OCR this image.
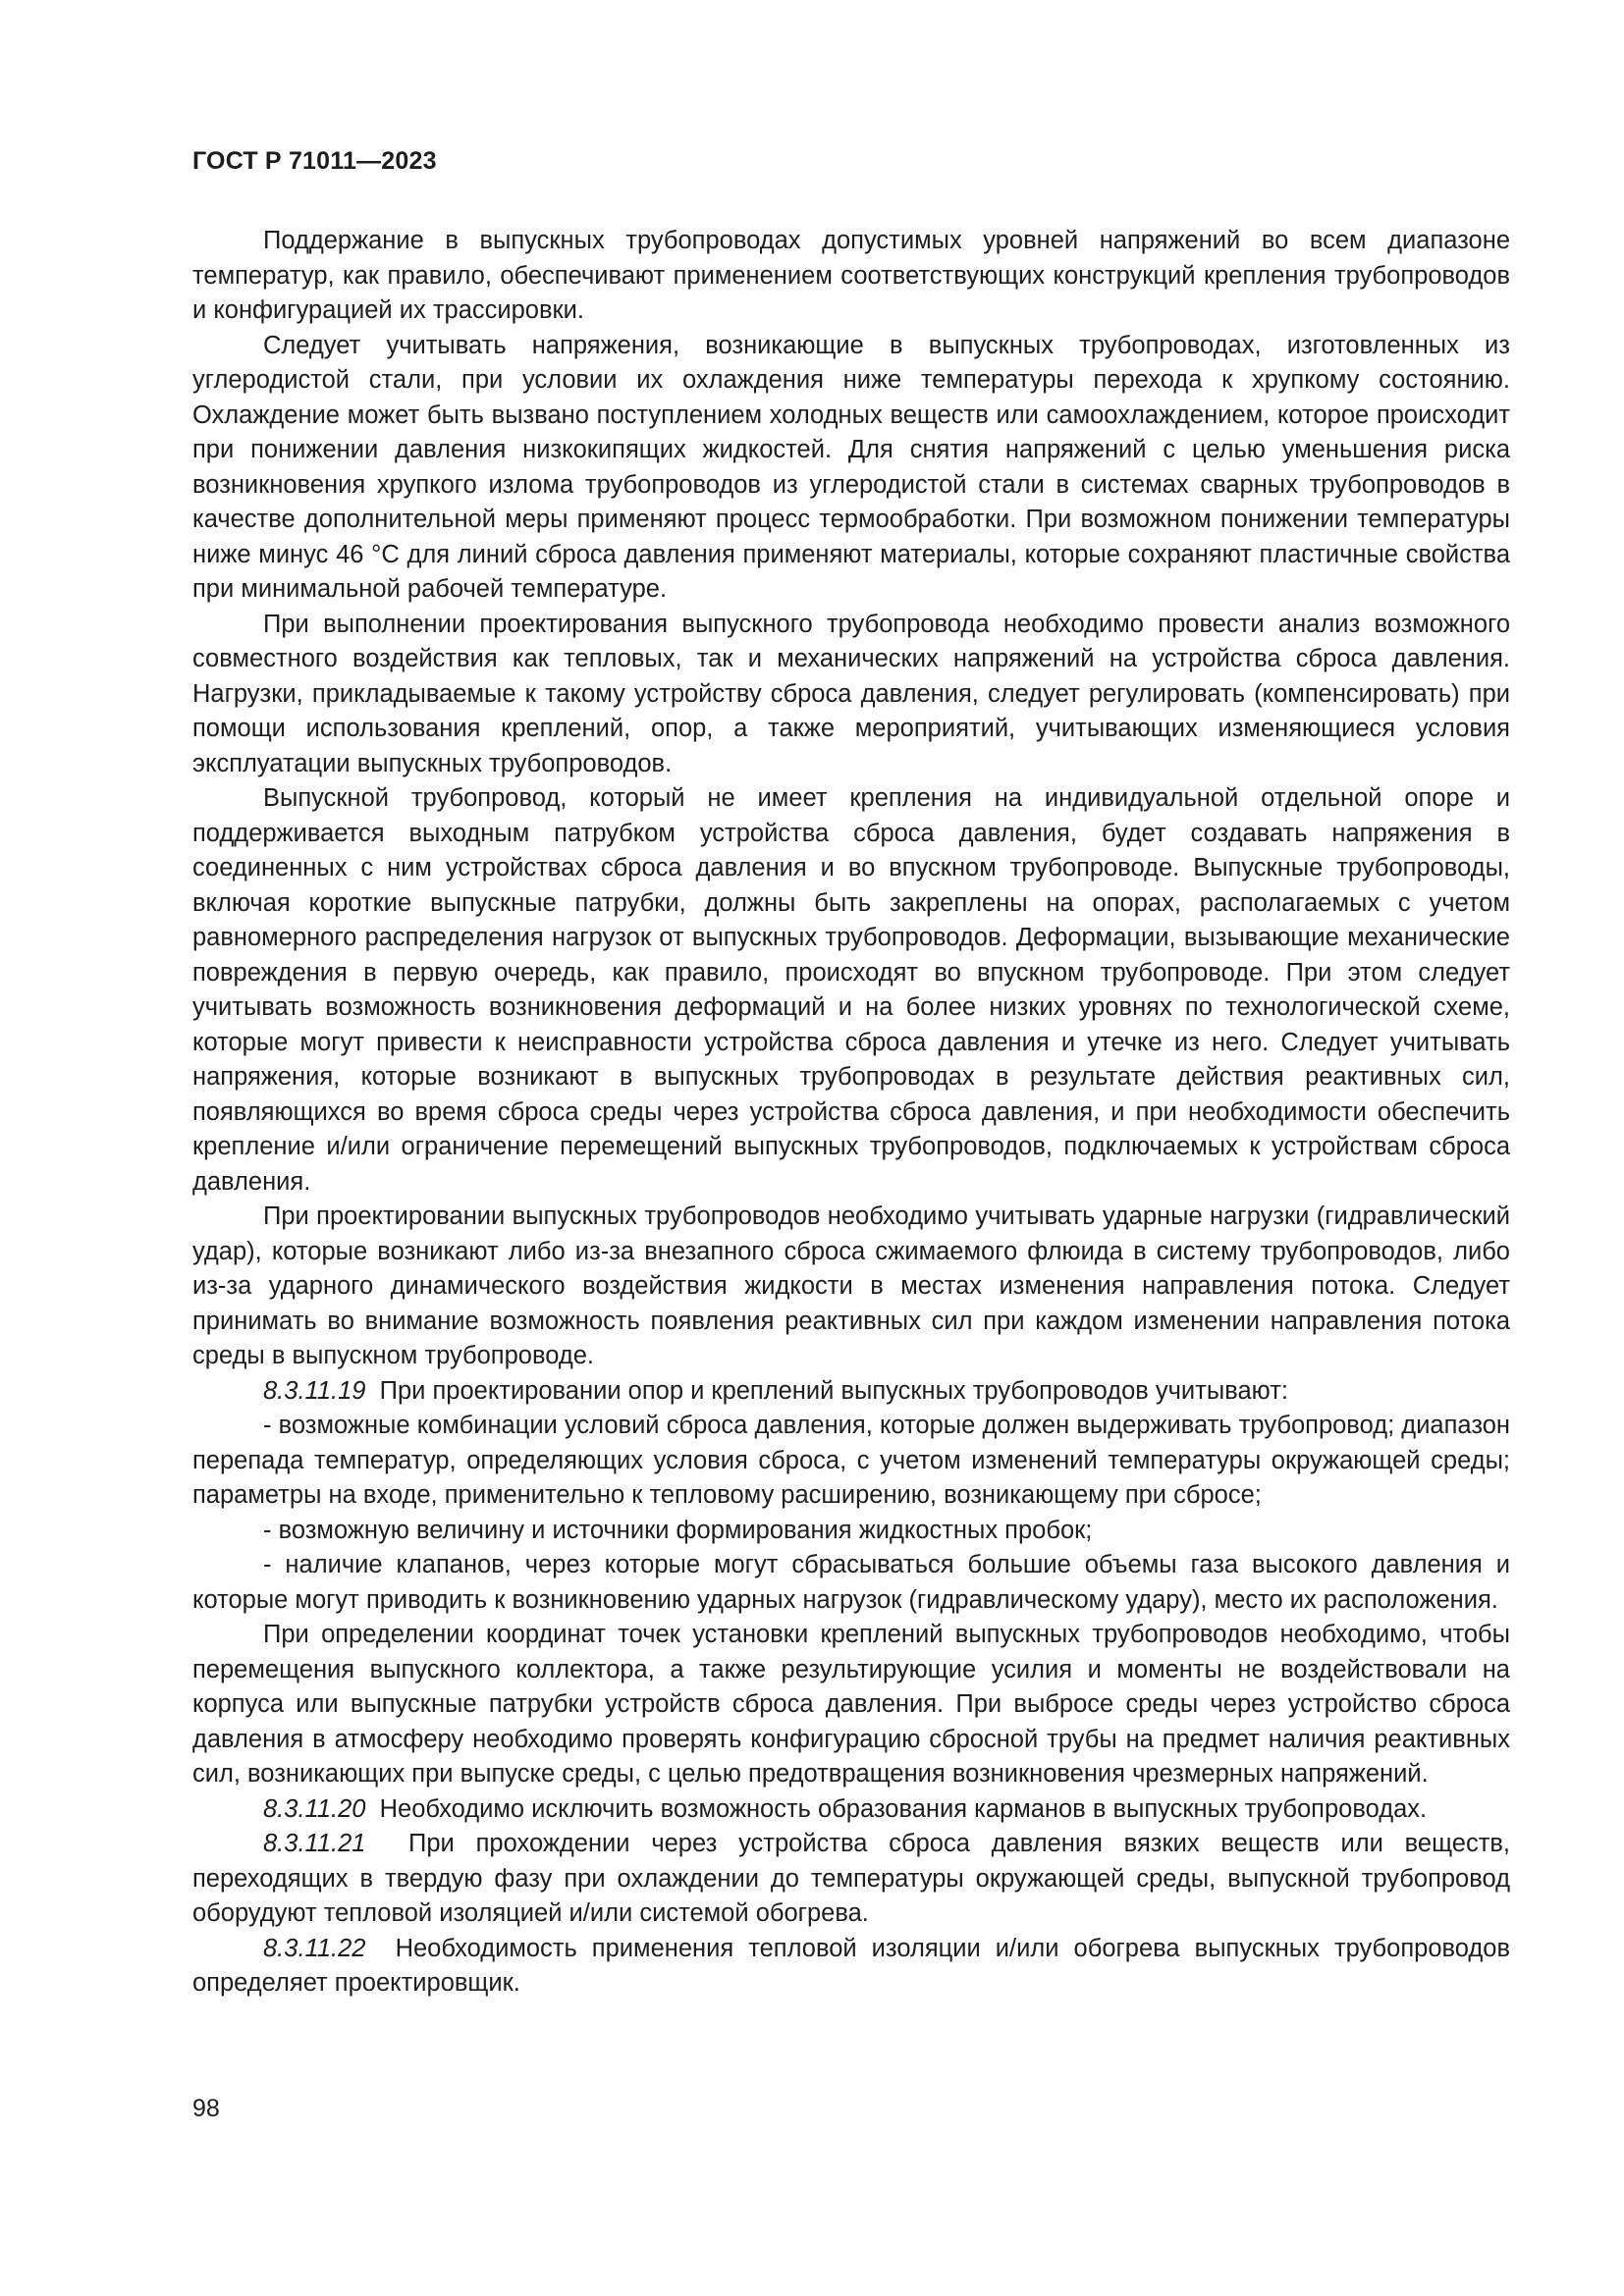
ГОСТ Р 71011—2023

Поддержание в выпускных трубопроводах допустимых уровней напряжений во всем диапазоне температур, как правило, обеспечивают применением соответствующих конструкций крепления трубопроводов и конфигурацией их трассировки.

Следует учитывать напряжения, возникающие в выпускных трубопроводах, изготовленных из углеродистой стали, при условии их охлаждения ниже температуры перехода к хрупкому состоянию. Охлаждение может быть вызвано поступлением холодных веществ или самоохлаждением, которое происходит при понижении давления низкокипящих жидкостей. Для снятия напряжений с целью уменьшения риска возникновения хрупкого излома трубопроводов из углеродистой стали в системах сварных трубопроводов в качестве дополнительной меры применяют процесс термообработки. При возможном понижении температуры ниже минус 46 °С для линий сброса давления применяют материалы, которые сохраняют пластичные свойства при минимальной рабочей температуре.

При выполнении проектирования выпускного трубопровода необходимо провести анализ возможного совместного воздействия как тепловых, так и механических напряжений на устройства сброса давления. Нагрузки, прикладываемые к такому устройству сброса давления, следует регулировать (компенсировать) при помощи использования креплений, опор, а также мероприятий, учитывающих изменяющиеся условия эксплуатации выпускных трубопроводов.

Выпускной трубопровод, который не имеет крепления на индивидуальной отдельной опоре и поддерживается выходным патрубком устройства сброса давления, будет создавать напряжения в соединенных с ним устройствах сброса давления и во впускном трубопроводе. Выпускные трубопроводы, включая короткие выпускные патрубки, должны быть закреплены на опорах, располагаемых с учетом равномерного распределения нагрузок от выпускных трубопроводов. Деформации, вызывающие механические повреждения в первую очередь, как правило, происходят во впускном трубопроводе. При этом следует учитывать возможность возникновения деформаций и на более низких уровнях по технологической схеме, которые могут привести к неисправности устройства сброса давления и утечке из него. Следует учитывать напряжения, которые возникают в выпускных трубопроводах в результате действия реактивных сил, появляющихся во время сброса среды через устройства сброса давления, и при необходимости обеспечить крепление и/или ограничение перемещений выпускных трубопроводов, подключаемых к устройствам сброса давления.

При проектировании выпускных трубопроводов необходимо учитывать ударные нагрузки (гидравлический удар), которые возникают либо из-за внезапного сброса сжимаемого флюида в систему трубопроводов, либо из-за ударного динамического воздействия жидкости в местах изменения направления потока. Следует принимать во внимание возможность появления реактивных сил при каждом изменении направления потока среды в выпускном трубопроводе.

8.3.11.19 При проектировании опор и креплений выпускных трубопроводов учитывают:

- возможные комбинации условий сброса давления, которые должен выдерживать трубопровод; диапазон перепада температур, определяющих условия сброса, с учетом изменений температуры окружающей среды; параметры на входе, применительно к тепловому расширению, возникающему при сбросе;

- возможную величину и источники формирования жидкостных пробок;

- наличие клапанов, через которые могут сбрасываться большие объемы газа высокого давления и которые могут приводить к возникновению ударных нагрузок (гидравлическому удару), место их расположения.

При определении координат точек установки креплений выпускных трубопроводов необходимо, чтобы перемещения выпускного коллектора, а также результирующие усилия и моменты не воздействовали на корпуса или выпускные патрубки устройств сброса давления. При выбросе среды через устройство сброса давления в атмосферу необходимо проверять конфигурацию сбросной трубы на предмет наличия реактивных сил, возникающих при выпуске среды, с целью предотвращения возникновения чрезмерных напряжений.

8.3.11.20 Необходимо исключить возможность образования карманов в выпускных трубопроводах.

8.3.11.21 При прохождении через устройства сброса давления вязких веществ или веществ, переходящих в твердую фазу при охлаждении до температуры окружающей среды, выпускной трубопровод оборудуют тепловой изоляцией и/или системой обогрева.

8.3.11.22 Необходимость применения тепловой изоляции и/или обогрева выпускных трубопроводов определяет проектировщик.

98
